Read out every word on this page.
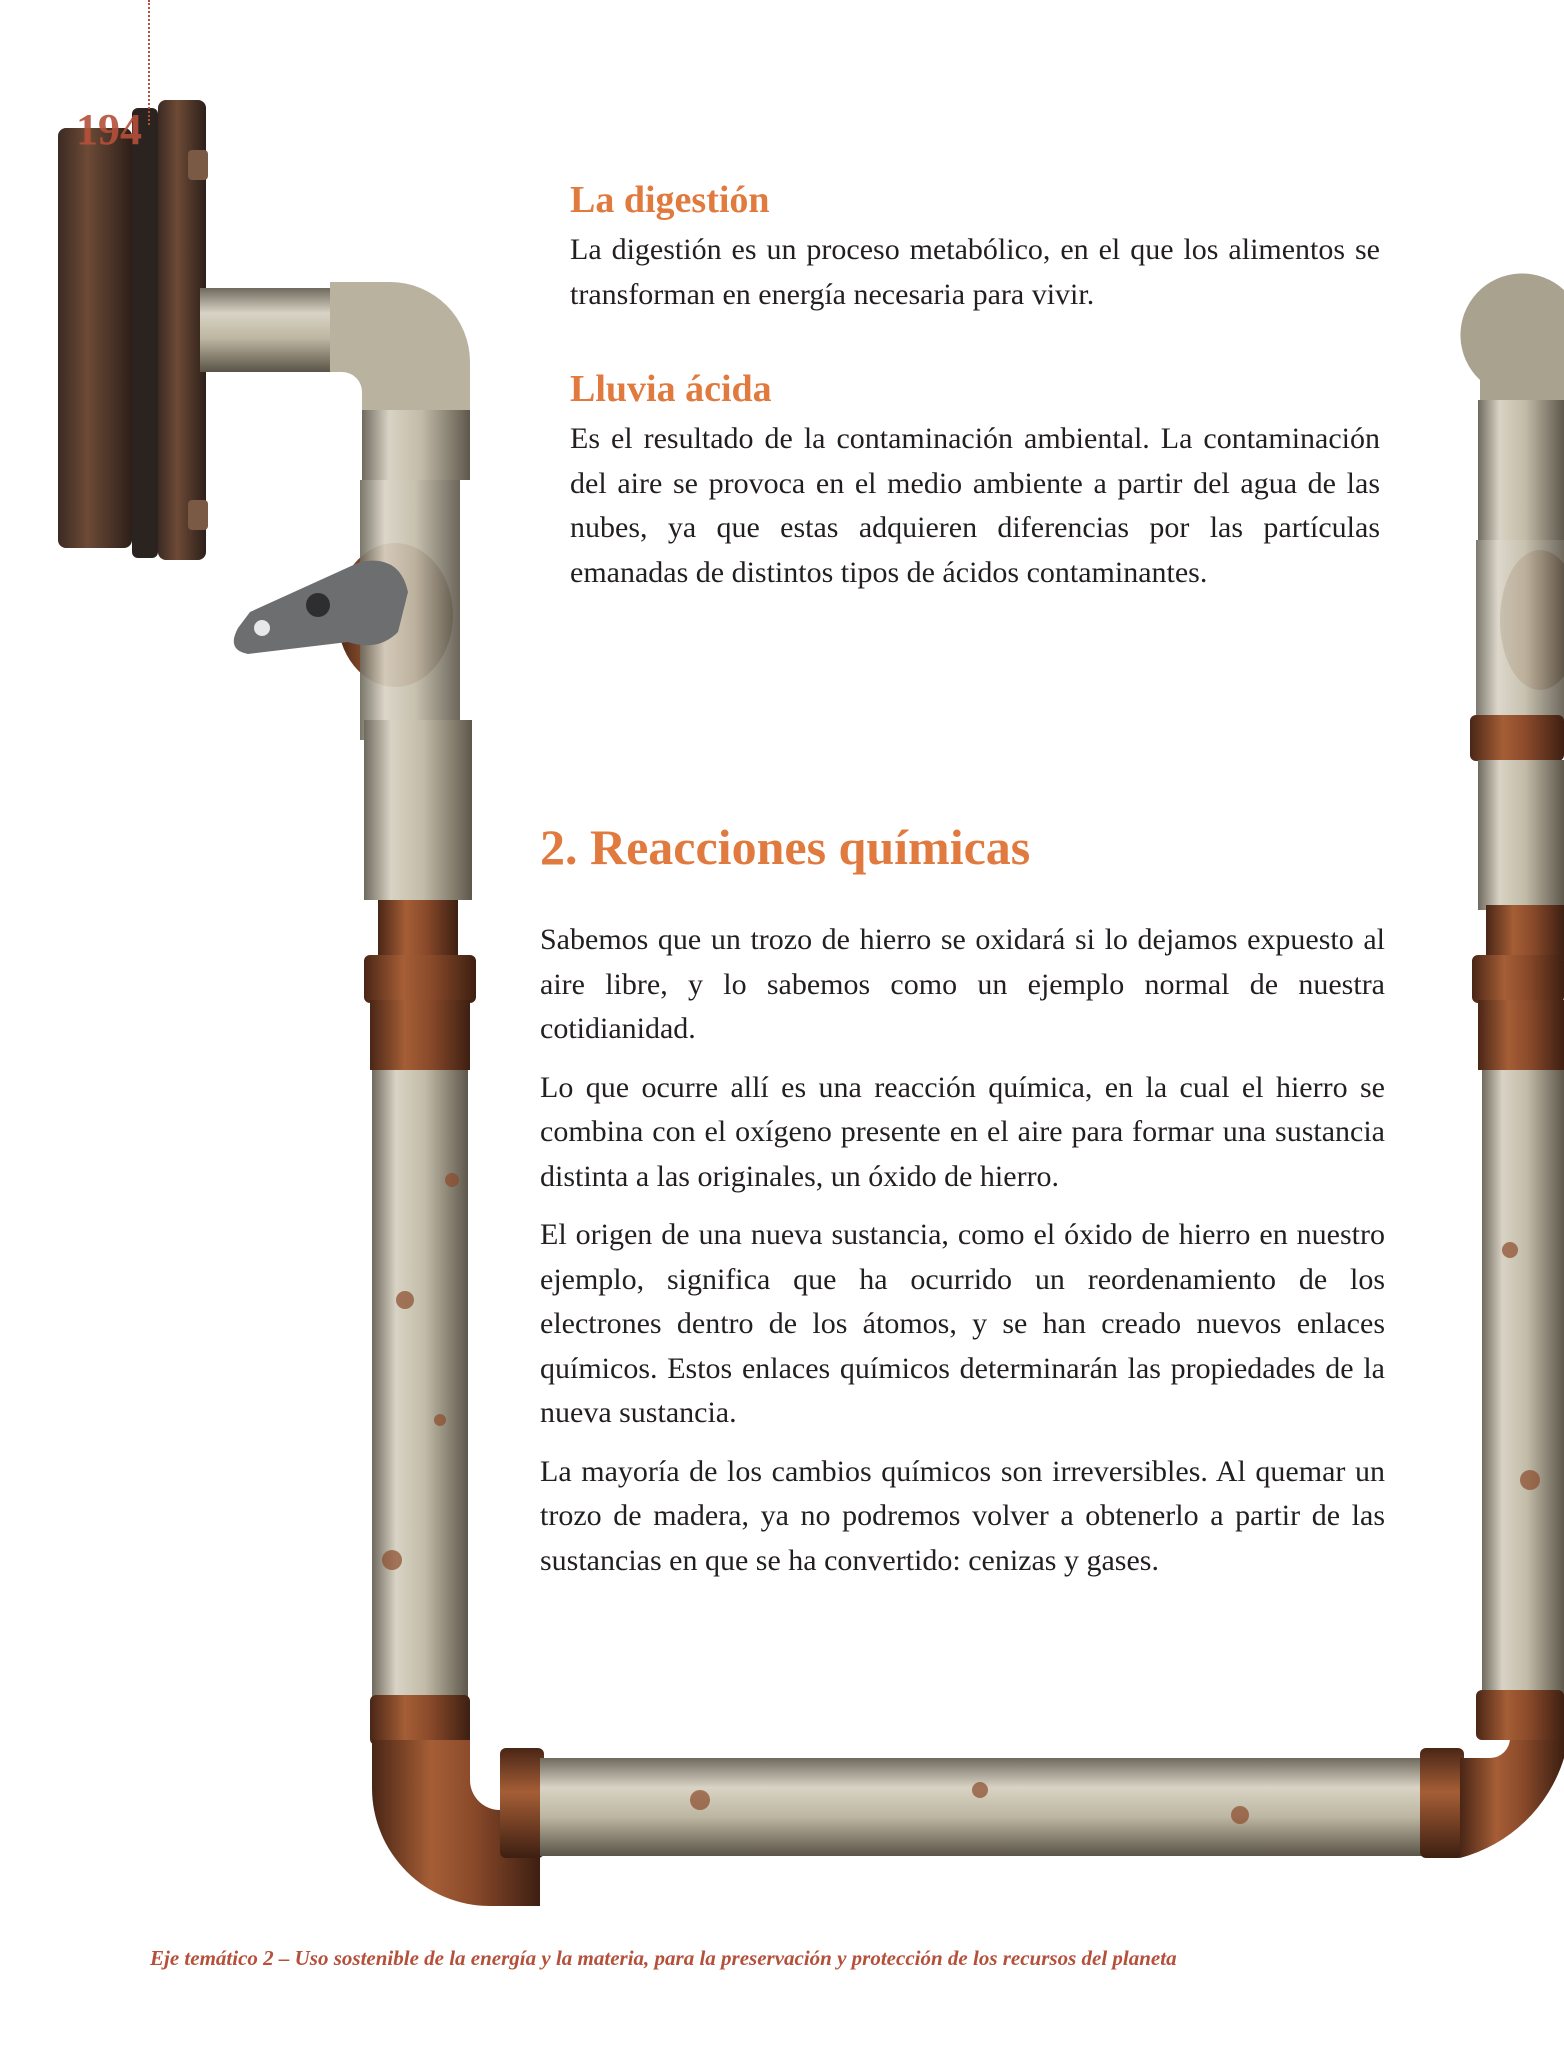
194
La digestión

La digestión es un proceso metabólico, en el que los alimentos se transforman en energía necesaria para vivir.

Lluvia ácida

Es el resultado de la contaminación ambiental. La contaminación del aire se provoca en el medio ambiente a partir del agua de las nubes, ya que estas adquieren diferencias por las partículas emanadas de distintos tipos de ácidos contaminantes.

2. Reacciones químicas

Sabemos que un trozo de hierro se oxidará si lo dejamos expuesto al aire libre, y lo sabemos como un ejemplo normal de nuestra cotidianidad.

Lo que ocurre allí es una reacción química, en la cual el hierro se combina con el oxígeno presente en el aire para formar una sustancia distinta a las originales, un óxido de hierro.

El origen de una nueva sustancia, como el óxido de hierro en nuestro ejemplo, significa que ha ocurrido un reordenamiento de los electrones dentro de los átomos, y se han creado nuevos enlaces químicos. Estos enlaces químicos determinarán las propiedades de la nueva sustancia.

La mayoría de los cambios químicos son irreversibles. Al quemar un trozo de madera, ya no podremos volver a obtenerlo a partir de las sustancias en que se ha convertido: cenizas y gases.

Eje temático 2 – Uso sostenible de la energía y la materia, para la preservación y protección de los recursos del planeta
